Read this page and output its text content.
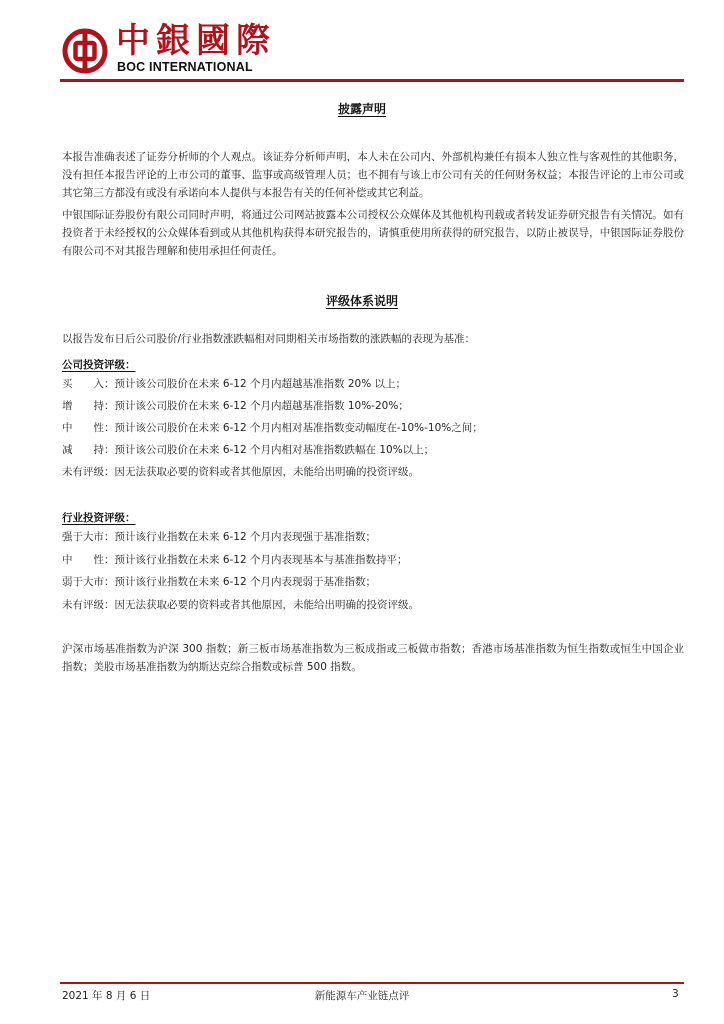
中銀國際
BOC INTERNATIONAL
披露声明

本报告准确表述了证券分析师的个人观点。该证券分析师声明，本人未在公司内、外部机构兼任有损本人独立性与客观性的其他职务，没有担任本报告评论的上市公司的董事、监事或高级管理人员；也不拥有与该上市公司有关的任何财务权益；本报告评论的上市公司或其它第三方都没有或没有承诺向本人提供与本报告有关的任何补偿或其它利益。

中银国际证券股份有限公司同时声明，将通过公司网站披露本公司授权公众媒体及其他机构刊载或者转发证券研究报告有关情况。如有投资者于未经授权的公众媒体看到或从其他机构获得本研究报告的，请慎重使用所获得的研究报告，以防止被误导，中银国际证券股份有限公司不对其报告理解和使用承担任何责任。

评级体系说明

以报告发布日后公司股价/行业指数涨跌幅相对同期相关市场指数的涨跌幅的表现为基准：

公司投资评级：
买　　入：预计该公司股价在未来 6-12 个月内超越基准指数 20% 以上；
增　　持：预计该公司股价在未来 6-12 个月内超越基准指数 10%-20%；
中　　性：预计该公司股价在未来 6-12 个月内相对基准指数变动幅度在-10%-10%之间；
减　　持：预计该公司股价在未来 6-12 个月内相对基准指数跌幅在 10%以上；
未有评级：因无法获取必要的资料或者其他原因，未能给出明确的投资评级。
行业投资评级：
强于大市：预计该行业指数在未来 6-12 个月内表现强于基准指数；
中　　性：预计该行业指数在未来 6-12 个月内表现基本与基准指数持平；
弱于大市：预计该行业指数在未来 6-12 个月内表现弱于基准指数；
未有评级：因无法获取必要的资料或者其他原因，未能给出明确的投资评级。

沪深市场基准指数为沪深 300 指数；新三板市场基准指数为三板成指或三板做市指数；香港市场基准指数为恒生指数或恒生中国企业指数；美股市场基准指数为纳斯达克综合指数或标普 500 指数。

2021 年 8 月 6 日	新能源车产业链点评	3
